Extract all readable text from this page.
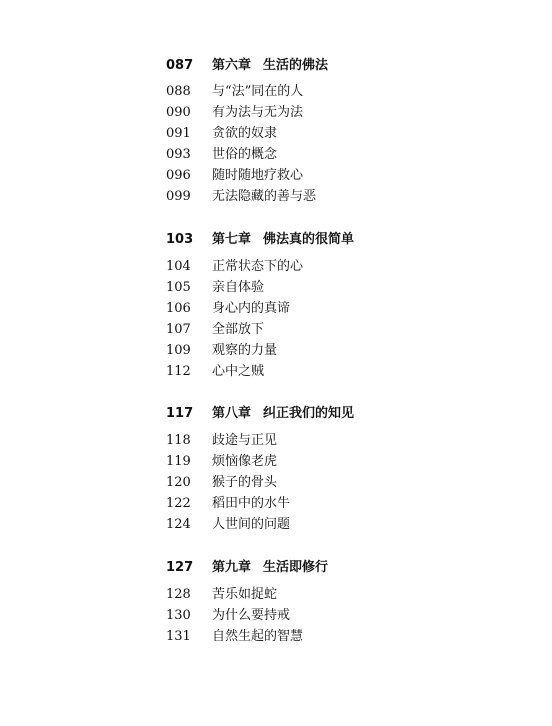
087 第六章 生活的佛法
088 与“法”同在的人
090 有为法与无为法
091 贪欲的奴隶
093 世俗的概念
096 随时随地疗救心
099 无法隐藏的善与恶
103 第七章 佛法真的很简单
104 正常状态下的心
105 亲自体验
106 身心内的真谛
107 全部放下
109 观察的力量
112 心中之贼
117 第八章 纠正我们的知见
118 歧途与正见
119 烦恼像老虎
120 猴子的骨头
122 稻田中的水牛
124 人世间的问题
127 第九章 生活即修行
128 苦乐如捉蛇
130 为什么要持戒
131 自然生起的智慧
